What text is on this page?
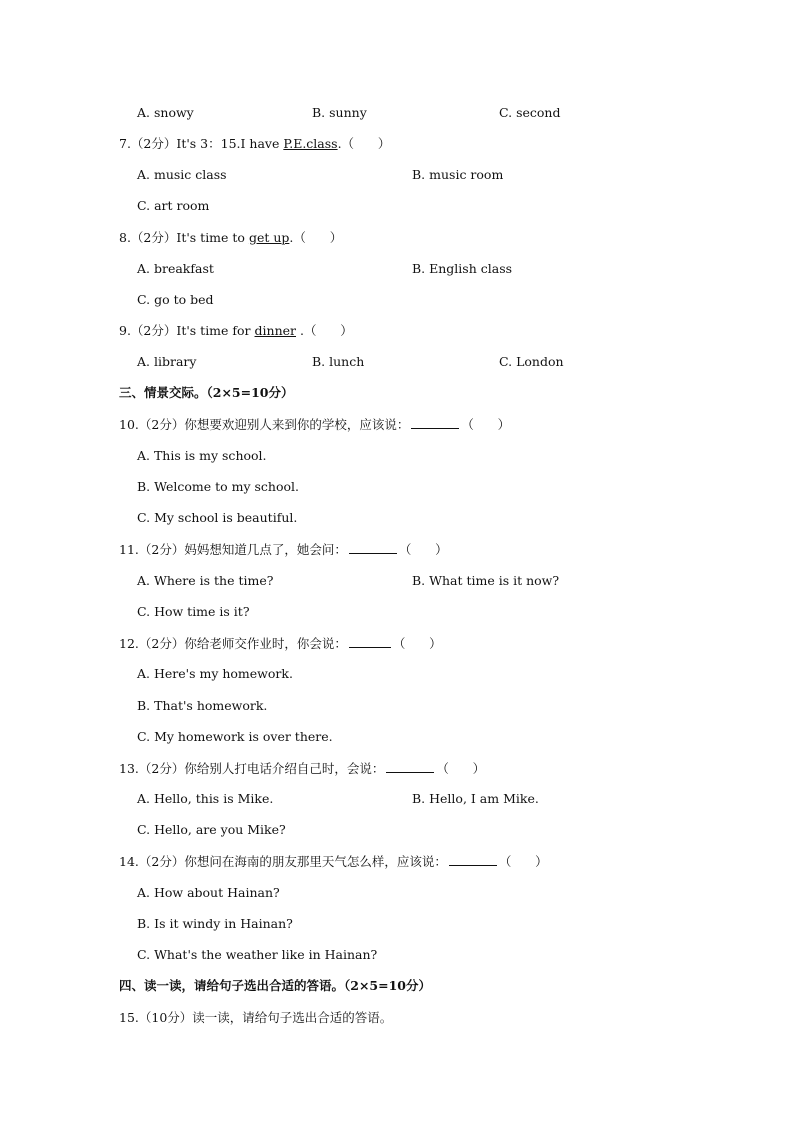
A. snowy	B. sunny	C. second
7.（2分）It's 3：15.I have P.E.class.（      ）
A. music class	B. music room
C. art room
8.（2分）It's time to get up.（      ）
A. breakfast	B. English class
C. go to bed
9.（2分）It's time for dinner .（      ）
A. library	B. lunch	C. London
三、情景交际。（2×5=10分）
10.（2分）你想要欢迎别人来到你的学校，应该说：	（      ）
A. This is my school.
B. Welcome to my school.
C. My school is beautiful.
11.（2分）妈妈想知道几点了，她会问：	（      ）
A. Where is the time?	B. What time is it now?
C. How time is it?
12.（2分）你给老师交作业时，你会说：	（      ）
A. Here's my homework.
B. That's homework.
C. My homework is over there.
13.（2分）你给别人打电话介绍自己时，会说：	（      ）
A. Hello, this is Mike.	B. Hello, I am Mike.
C. Hello, are you Mike?
14.（2分）你想问在海南的朋友那里天气怎么样，应该说：	（      ）
A. How about Hainan?
B. Is it windy in Hainan?
C. What's the weather like in Hainan?
四、读一读，请给句子选出合适的答语。（2×5=10分）
15.（10分）读一读，请给句子选出合适的答语。
